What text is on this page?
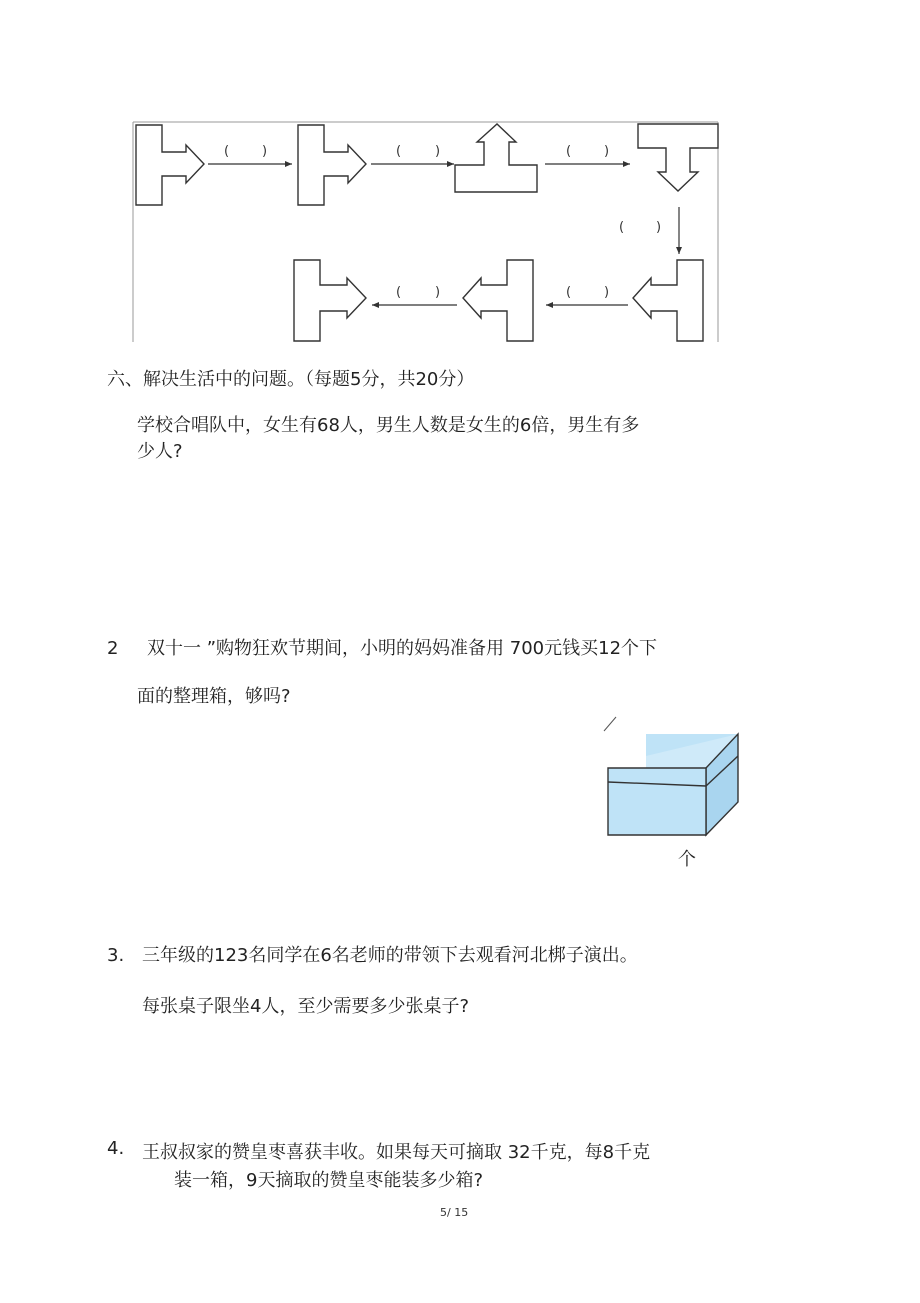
(	)	(	)	(	)
( )
(	)
(	)
六、解决生活中的问题。（每题5分，共20分）
学校合唱队中，女生有68人，男生人数是女生的6倍，男生有多
少人?
2 双十一 ”购物狂欢节期间，小明的妈妈准备用 700元钱买12个下
面的整理箱，够吗?
个
3. 三年级的123名同学在6名老师的带领下去观看河北梆子演出。
每张桌子限坐4人，至少需要多少张桌子?
4. 王叔叔家的赞皇枣喜获丰收。如果每天可摘取 32千克，每8千克
装一箱，9天摘取的赞皇枣能装多少箱?
5/ 15
